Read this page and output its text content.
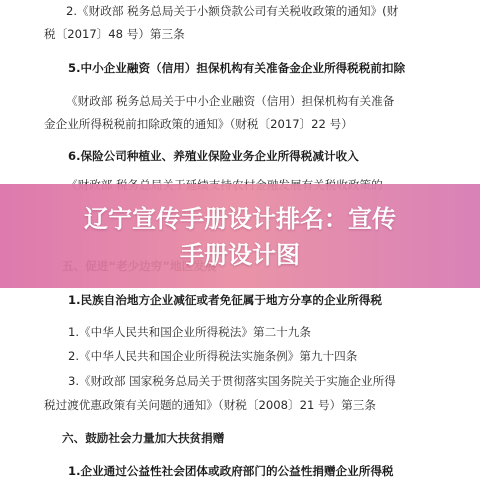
2.《财政部 税务总局关于小额贷款公司有关税收政策的通知》(财
税〔2017〕48 号）第三条
5.中小企业融资（信用）担保机构有关准备金企业所得税税前扣除
《财政部 税务总局关于中小企业融资（信用）担保机构有关准备
金企业所得税税前扣除政策的通知》（财税〔2017〕22 号）
6.保险公司种植业、养殖业保险业务企业所得税减计收入
1.民族自治地方企业减征或者免征属于地方分享的企业所得税
1.《中华人民共和国企业所得税法》第二十九条
2.《中华人民共和国企业所得税法实施条例》第九十四条
3.《财政部 国家税务总局关于贯彻落实国务院关于实施企业所得
税过渡优惠政策有关问题的通知》（财税〔2008〕21 号）第三条
六、鼓励社会力量加大扶贫捐赠
1.企业通过公益性社会团体或政府部门的公益性捐赠企业所得税
辽宁宣传手册设计排名：宣传
手册设计图
